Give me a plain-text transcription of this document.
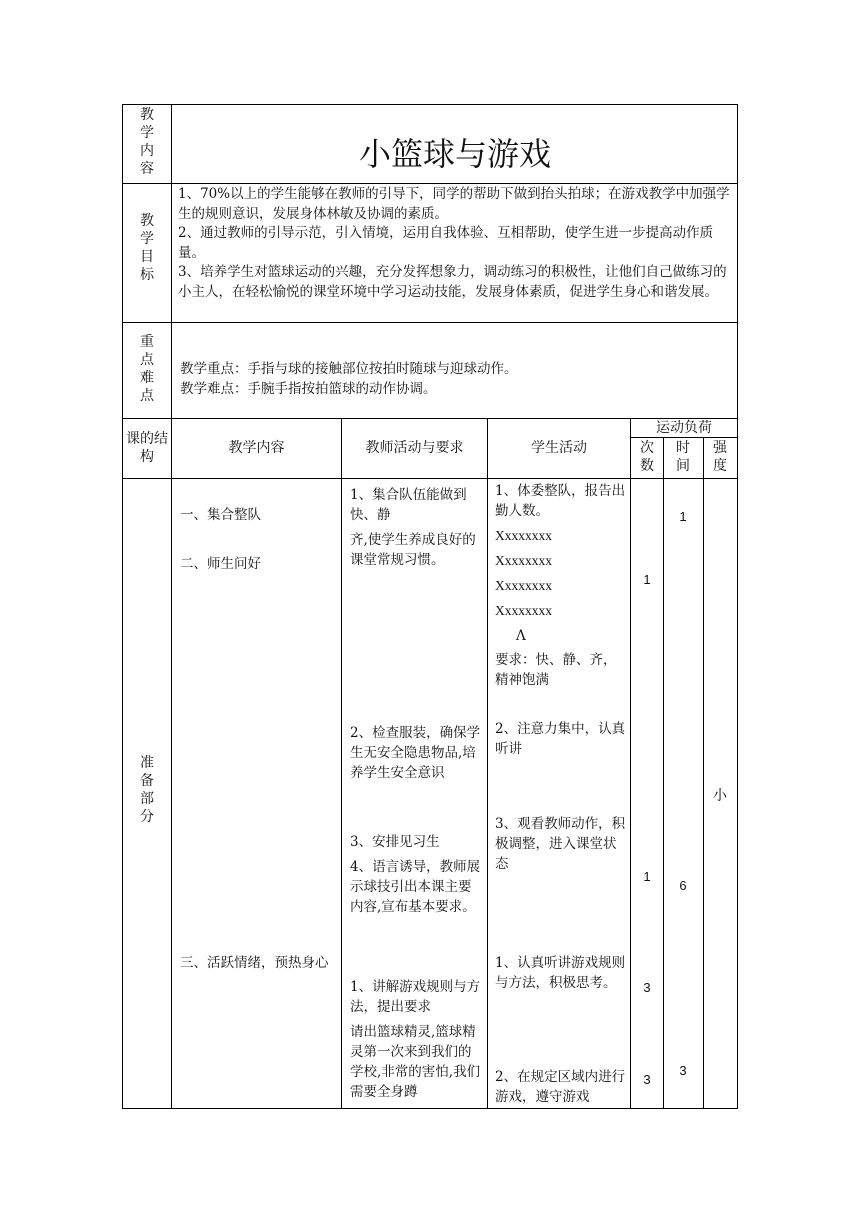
教学内容
教学目标
重点难点
课的结构
准备部分
小篮球与游戏

1、70%以上的学生能够在教师的引导下，同学的帮助下做到抬头拍球；在游戏教学中加强学生的规则意识，发展身体林敏及协调的素质。

2、通过教师的引导示范，引入情境，运用自我体验、互相帮助，使学生进一步提高动作质量。

3、培养学生对篮球运动的兴趣，充分发挥想象力，调动练习的积极性，让他们自己做练习的小主人，在轻松愉悦的课堂环境中学习运动技能，发展身体素质，促进学生身心和谐发展。

教学重点：手指与球的接触部位按拍时随球与迎球动作。
教学难点：手腕手指按拍篮球的动作协调。
教学内容	教师活动与要求	学生活动
运动负荷
次数
时间
强度
一、集合整队
二、师生问好
三、活跃情绪，预热身心
1、集合队伍能做到快、静
齐,使学生养成良好的课堂常规习惯。
2、检查服装，确保学生无安全隐患物品,培养学生安全意识
3、安排见习生
4、语言诱导，教师展示球技引出本课主要内容,宣布基本要求。
1、讲解游戏规则与方法，提出要求
请出篮球精灵,篮球精灵第一次来到我们的学校,非常的害怕,我们需要全身蹲
1、体委整队，报告出勤人数。
Xxxxxxxx
Xxxxxxxx
Xxxxxxxx
Xxxxxxxx
Λ
要求：快、静、齐，精神饱满
2、注意力集中，认真听讲
3、观看教师动作，积极调整，进入课堂状态
1、认真听讲游戏规则与方法，积极思考。
2、在规定区域内进行游戏，遵守游戏
1
1
3
3
1
6
3
小
